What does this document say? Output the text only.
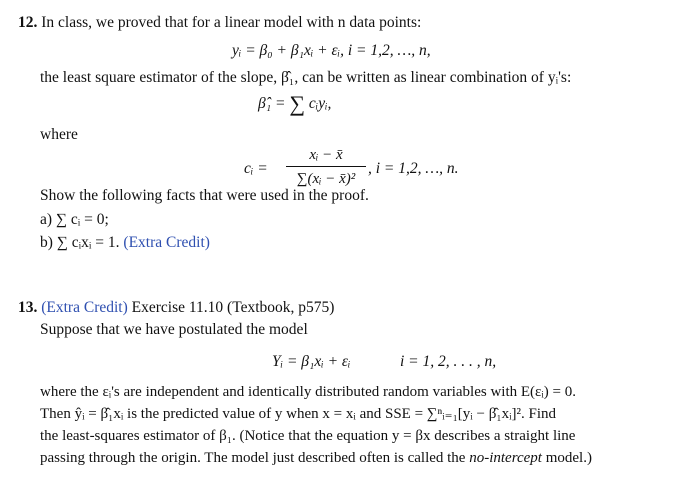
12. In class, we proved that for a linear model with n data points:
yᵢ = β₀ + β₁xᵢ + εᵢ, i = 1,2, …, n,
the least square estimator of the slope, β̂₁, can be written as linear combination of yᵢ's:
β̂₁ = ∑ cᵢyᵢ,
where
cᵢ =
xᵢ − x̄
∑(xᵢ − x̄)²
, i = 1,2, …, n.
Show the following facts that were used in the proof.
a) ∑ cᵢ = 0;
b) ∑ cᵢxᵢ = 1. (Extra Credit)
13. (Extra Credit) Exercise 11.10 (Textbook, p575)
Suppose that we have postulated the model
Yᵢ = β₁xᵢ + εᵢ	i = 1, 2, . . . , n,
where the εᵢ's are independent and identically distributed random variables with E(εᵢ) = 0.
Then ŷᵢ = β̂₁xᵢ is the predicted value of y when x = xᵢ and SSE = ∑ⁿᵢ₌₁[yᵢ − β̂₁xᵢ]². Find
the least-squares estimator of β₁. (Notice that the equation y = βx describes a straight line
passing through the origin. The model just described often is called the no-intercept model.)
